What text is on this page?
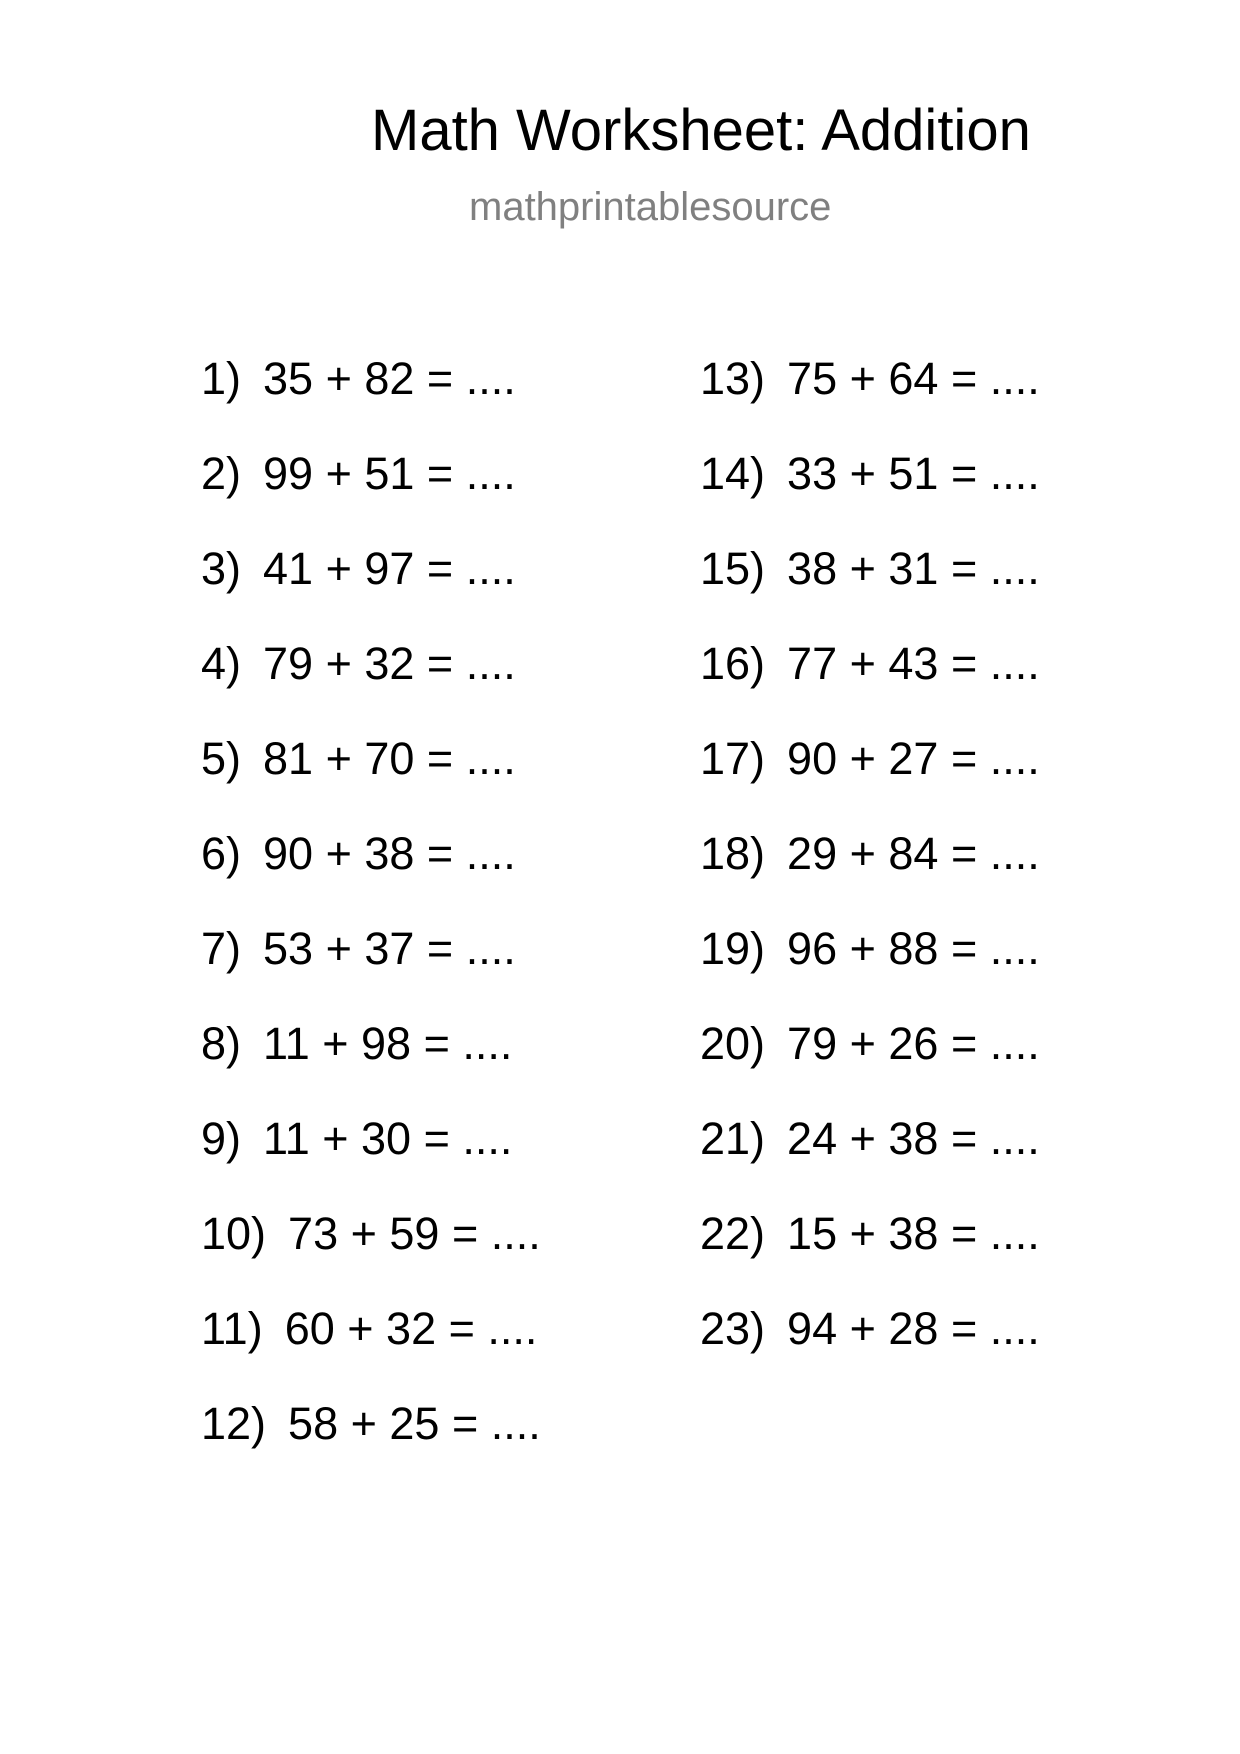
Math Worksheet: Addition
mathprintablesource
1) 35 + 82 = ....
2) 99 + 51 = ....
3) 41 + 97 = ....
4) 79 + 32 = ....
5) 81 + 70 = ....
6) 90 + 38 = ....
7) 53 + 37 = ....
8) 11 + 98 = ....
9) 11 + 30 = ....
10) 73 + 59 = ....
11) 60 + 32 = ....
12) 58 + 25 = ....
13) 75 + 64 = ....
14) 33 + 51 = ....
15) 38 + 31 = ....
16) 77 + 43 = ....
17) 90 + 27 = ....
18) 29 + 84 = ....
19) 96 + 88 = ....
20) 79 + 26 = ....
21) 24 + 38 = ....
22) 15 + 38 = ....
23) 94 + 28 = ....
